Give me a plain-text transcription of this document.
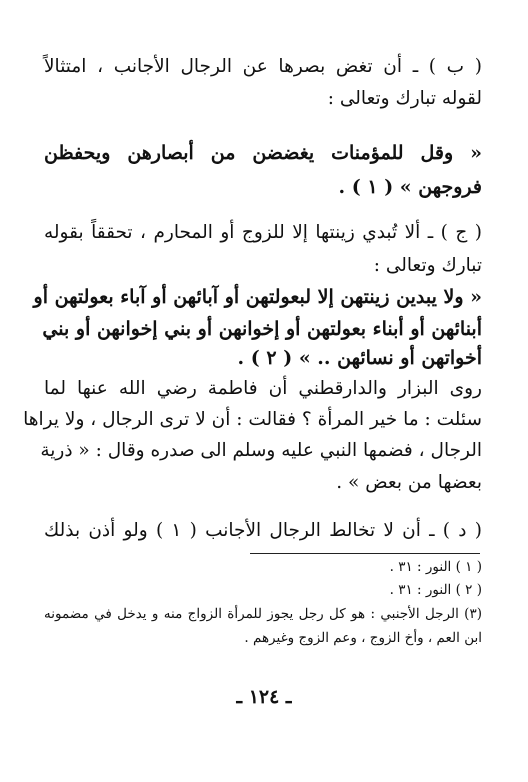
( ب ) ـ أن تغض بصرها عن الرجال الأجانب ، امتثالاً
لقوله تبارك وتعالى :
« وقل للمؤمنات يغضضن من أبصارهن ويحفظن
فروجهن » ( ١ ) .
( ج ) ـ ألا تُبدي زينتها إلا للزوج أو المحارم ، تحققاً بقوله
تبارك وتعالى :
« ولا يبدين زينتهن إلا لبعولتهن أو آبائهن أو آباء بعولتهن أو
أبنائهن أو أبناء بعولتهن أو إخوانهن أو بني إخوانهن أو بني
أخواتهن أو نسائهن .. » ( ٢ ) .
روى البزار والدارقطني أن فاطمة رضي الله عنها لما
سئلت : ما خير المرأة ؟ فقالت : أن لا ترى الرجال ، ولا يراها
الرجال ، فضمها النبي عليه وسلم الى صدره وقال : « ذرية
بعضها من بعض » .
( د ) ـ أن لا تخالط الرجال الأجانب ( ١ ) ولو أذن بذلك
( ١ ) النور : ٣١ .
( ٢ ) النور : ٣١ .
(٣) الرجل الأجنبي : هو كل رجل يجوز للمرأة الزواج منه و يدخل في مضمونه
ابن العم ، وأخ الزوج ، وعم الزوج وغيرهم .
ـ ١٢٤ ـ
